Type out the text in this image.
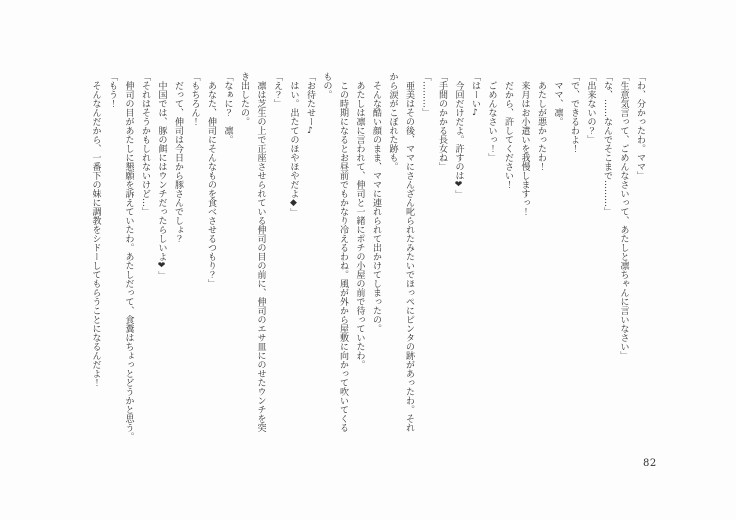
「わ、分かったわ。ママ」
「生意気言って、ごめんなさいって、あたしと凛ちゃんに言いなさい」
「な、……なんでそこまで………」
「出来ないの？」
「で、できるわよ！
　ママ、凛。
　あたしが悪かったわ！
　来月はお小遣いを我慢しますっ！
　だから、許してください！
　ごめんなさいっ！」
「はーい♪
　今回だけだよ。許すのは❤」
「手間のかかる長女ね」
「………」
　亜美はその後、ママにさんざん叱られたみたいでほっぺにピンタの跡があったわ。それ
から涙がこぼれた跡も。
　そんな酷い顔のまま、ママに連れられて出かけてしまったの。
　あたしは凛に言われて、伸司と一緒にポチの小屋の前で待っていたわ。
　この時期になるとお昼前でもかなり冷えるわね。風が外から屋敷に向かって吹いてくる
もの。
「お待たせー♪
　はい。出たてのほやほやだよ◆」
「え？」
　凛は芝生の上で正座させられている伸司の目の前に、伸司のエサ皿にのせたウンチを突
き出したの。
「なぁに？　凛。
　あなた、伸司にそんなものを食べさせるつもり？」
「もちろん！
　だって、伸司は今日から豚さんでしょ？
　中国では、豚の餌にはウンチだったらしいよ❤」
「それはそうかもしれないけど…」
　伸司の目があたしに懇願を訴えていたわ。あたしだって、食糞はちょっとどうかと思う。
「もう！
　そんなんだから、一番下の妹に調教をシドーしてもらうことになるんだよ！
82
